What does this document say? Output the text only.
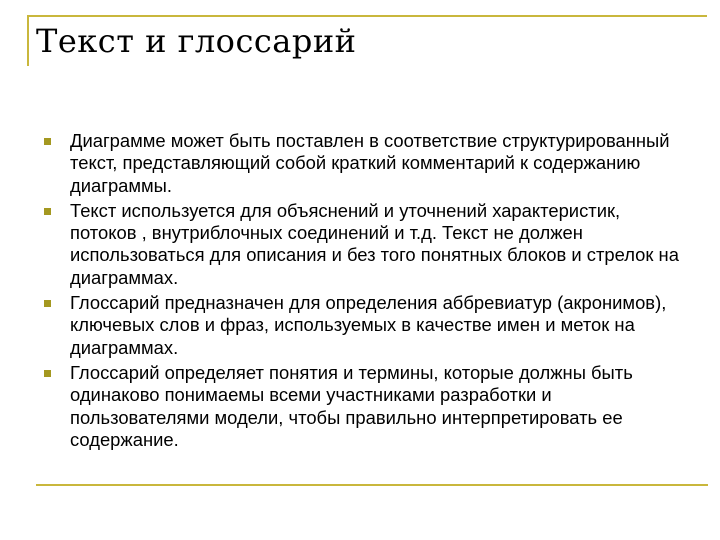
Текст и глоссарий
Диаграмме может быть поставлен в соответствие структурированный текст, представляющий собой краткий комментарий к содержанию диаграммы.
Текст используется для объяснений и уточнений характеристик, потоков , внутриблочных соединений и т.д. Текст не должен использоваться для описания и без того понятных блоков и стрелок на диаграммах.
Глоссарий предназначен для определения аббревиатур (акронимов), ключевых слов и фраз, используемых в качестве имен и меток на диаграммах.
Глоссарий определяет понятия и термины, которые должны быть одинаково понимаемы всеми участниками разработки и пользователями модели, чтобы правильно интерпретировать ее содержание.
